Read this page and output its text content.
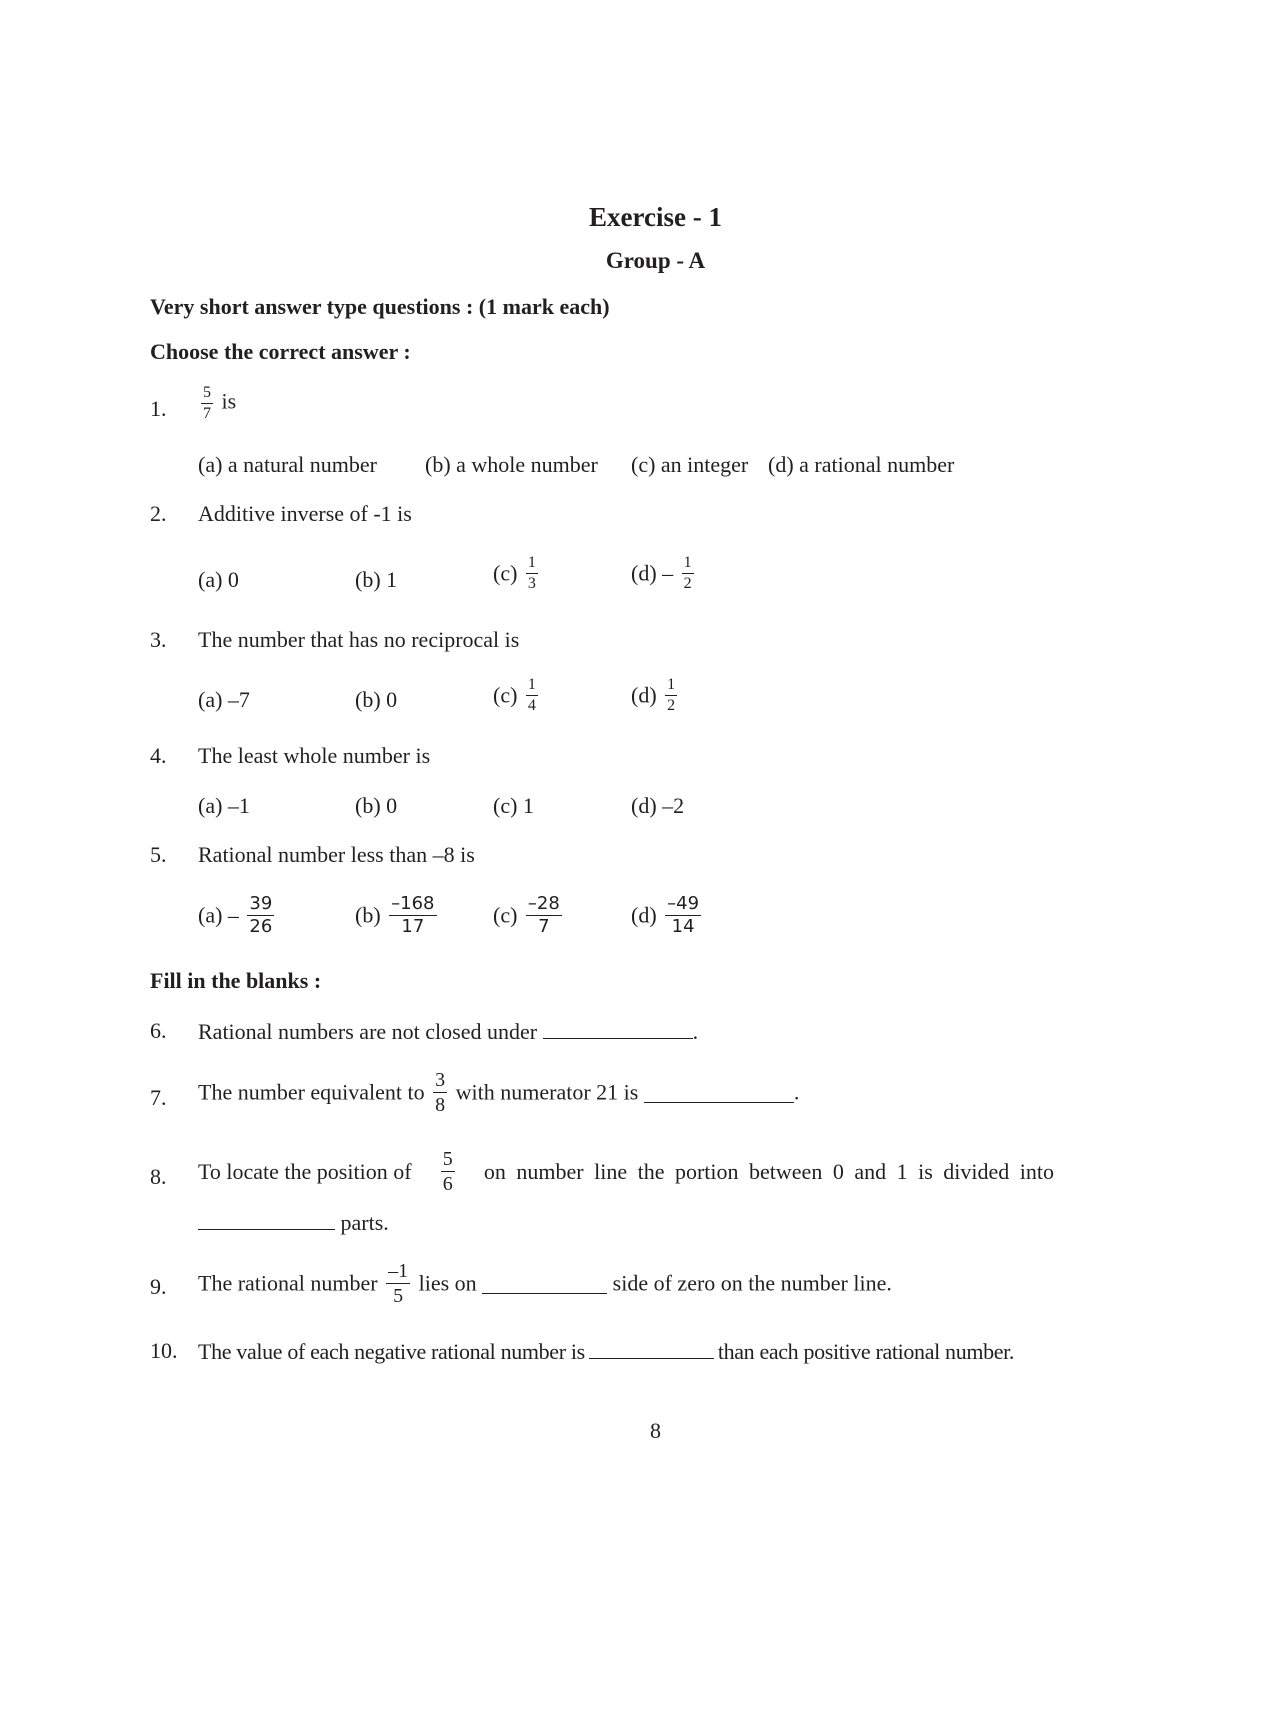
Exercise - 1
Group - A
Very short answer type questions : (1 mark each)
Choose the correct answer :
1. $\frac{5}{7}$ is
(a) a natural number (b) a whole number (c) an integer (d) a rational number
2. Additive inverse of -1 is
(a) 0	(b) 1	$(c) \frac{1}{3}$	$(d) - \frac{1}{2}$
3. The number that has no reciprocal is
(a) –7	(b) 0	$(c) \frac{1}{4}$	$(d) \frac{1}{2}$
4. The least whole number is
(a) –1	(b) 0	(c) 1	(d) –2
5. Rational number less than –8 is
$(a) - \frac{39}{26}$	$(b) \frac{-168}{17}$	$(c) \frac{-28}{7}$	$(d) \frac{-49}{14}$
Fill in the blanks :
6. Rational numbers are not closed under	.
7. The number equivalent to $\frac{3}{8}$ with numerator 21 is	.
8. To locate the position of $\frac{5}{6}$ on number line the portion between 0 and 1 is divided into
parts.
9. The rational number $\frac{-1}{5}$ lies on	side of zero on the number line.
10. The value of each negative rational number is	than each positive rational number.
8
